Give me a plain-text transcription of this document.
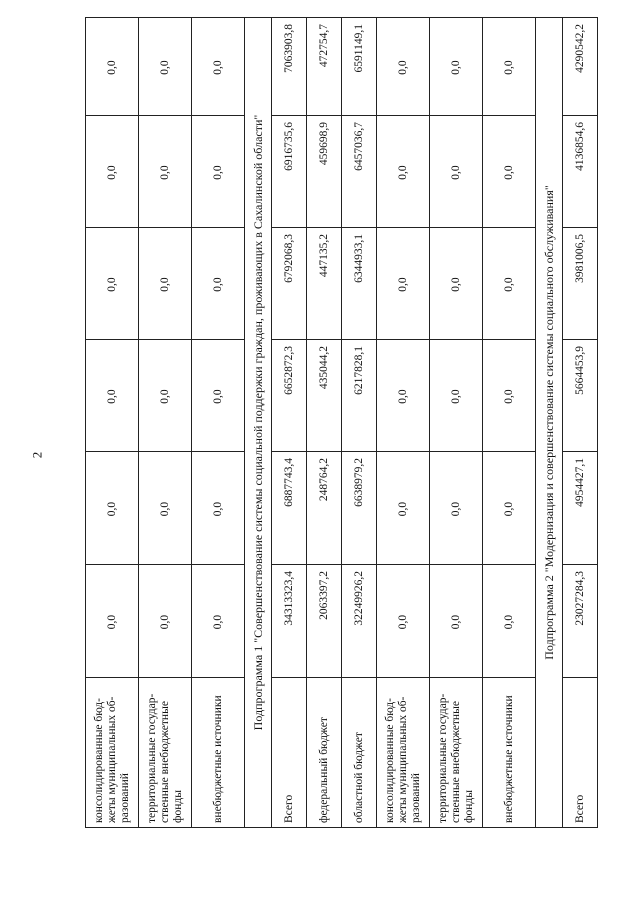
2
консолидированные бюд-жеты муниципальных об-разований	0,0	0,0	0,0	0,0	0,0	0,0	
территориальные государ-ственные внебюджетные фонды	0,0	0,0	0,0	0,0	0,0	0,0	
внебюджетные источники	0,0	0,0	0,0	0,0	0,0	0,0	
Подпрограмма 1 "Совершенствование системы социальной поддержки граждан, проживающих в Сахалинской области"							
Всего	34313323,4	6887743,4	6652872,3	6792068,3	6916735,6	7063903,8	
федеральный бюджет	2063397,2	248764,2	435044,2	447135,2	459698,9	472754,7	
областной бюджет	32249926,2	6638979,2	6217828,1	6344933,1	6457036,7	6591149,1	
консолидированные бюд-жеты муниципальных об-разований	0,0	0,0	0,0	0,0	0,0	0,0	
территориальные государ-ственные внебюджетные фонды	0,0	0,0	0,0	0,0	0,0	0,0	
внебюджетные источники	0,0	0,0	0,0	0,0	0,0	0,0	
Подпрограмма 2 "Модернизация и совершенствование системы социального обслуживания"							
Всего	23027284,3	4954427,1	5664453,9	3981006,5	4136854,6	4290542,2	
